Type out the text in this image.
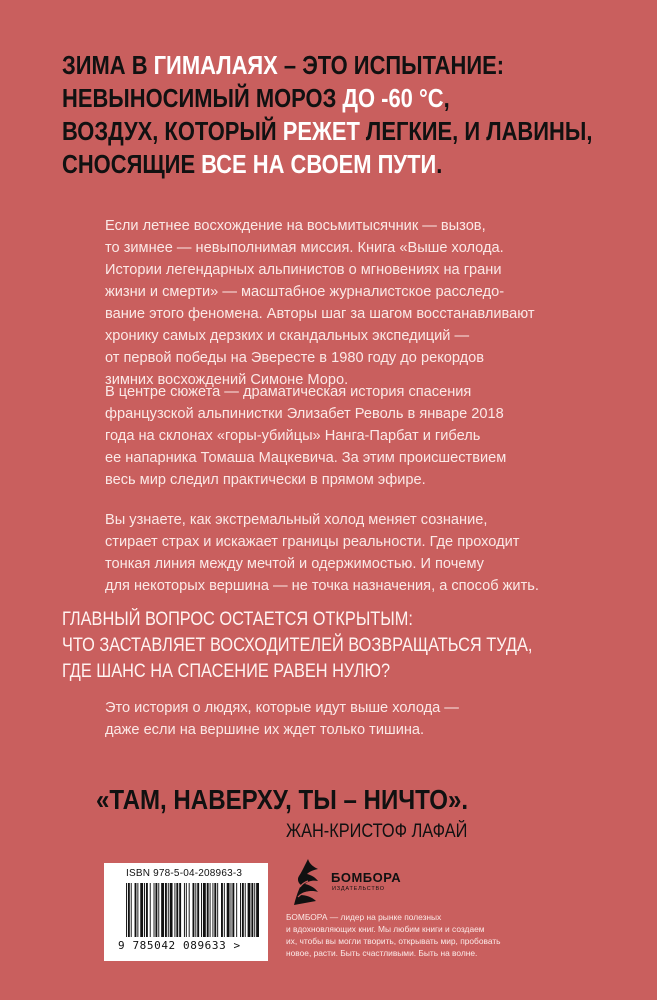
ЗИМА В ГИМАЛАЯХ – ЭТО ИСПЫТАНИЕ:
НЕВЫНОСИМЫЙ МОРОЗ ДО -60 °С,
ВОЗДУХ, КОТОРЫЙ РЕЖЕТ ЛЕГКИЕ, И ЛАВИНЫ,
СНОСЯЩИЕ ВСЕ НА СВОЕМ ПУТИ.

Если летнее восхождение на восьмитысячник — вызов,
то зимнее — невыполнимая миссия. Книга «Выше холода.
Истории легендарных альпинистов о мгновениях на грани
жизни и смерти» — масштабное журналистское расследо-
вание этого феномена. Авторы шаг за шагом восстанавливают
хронику самых дерзких и скандальных экспедиций —
от первой победы на Эвересте в 1980 году до рекордов
зимних восхождений Симоне Моро.

В центре сюжета — драматическая история спасения
французской альпинистки Элизабет Револь в январе 2018
года на склонах «горы-убийцы» Нанга-Парбат и гибель
ее напарника Томаша Мацкевича. За этим происшествием
весь мир следил практически в прямом эфире.

Вы узнаете, как экстремальный холод меняет сознание,
стирает страх и искажает границы реальности. Где проходит
тонкая линия между мечтой и одержимостью. И почему
для некоторых вершина — не точка назначения, а способ жить.

ГЛАВНЫЙ ВОПРОС ОСТАЕТСЯ ОТКРЫТЫМ:
ЧТО ЗАСТАВЛЯЕТ ВОСХОДИТЕЛЕЙ ВОЗВРАЩАТЬСЯ ТУДА,
ГДЕ ШАНС НА СПАСЕНИЕ РАВЕН НУЛЮ?

Это история о людях, которые идут выше холода —
даже если на вершине их ждет только тишина.

«ТАМ, НАВЕРХУ, ТЫ – НИЧТО».
ЖАН-КРИСТОФ ЛАФАЙ
ISBN 978-5-04-208963-3
9 785042 089633 >
БОМБОРА
ИЗДАТЕЛЬСТВО

БОМБОРА — лидер на рынке полезных
и вдохновляющих книг. Мы любим книги и создаем
их, чтобы вы могли творить, открывать мир, пробовать
новое, расти. Быть счастливыми. Быть на волне.
